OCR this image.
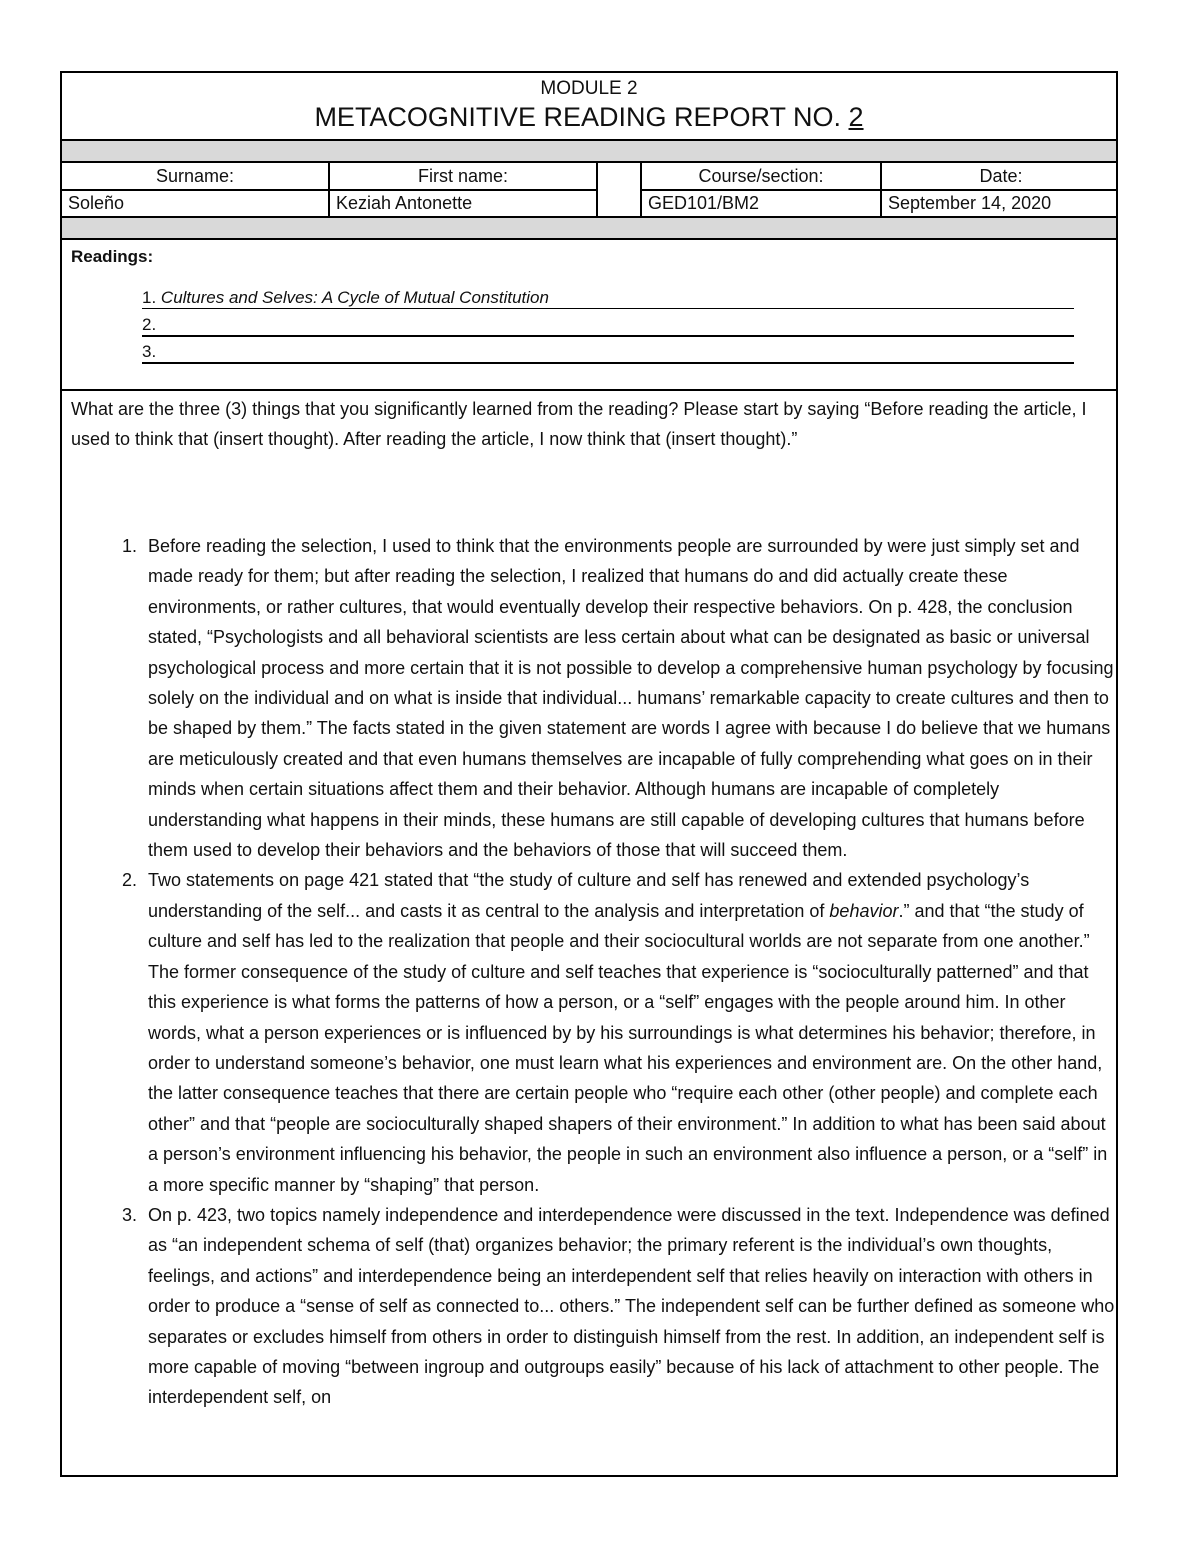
MODULE 2
METACOGNITIVE READING REPORT NO. 2
Surname:	First name:		Course/section:	Date:
Soleño	Keziah Antonette		GED101/BM2	September 14, 2020
Readings:
1. Cultures and Selves: A Cycle of Mutual Constitution
2.
3.
What are the three (3) things that you significantly learned from the reading? Please start by saying “Before reading the article, I used to think that (insert thought). After reading the article, I now think that (insert thought).”
1. Before reading the selection, I used to think that the environments people are surrounded by were just simply set and made ready for them; but after reading the selection, I realized that humans do and did actually create these environments, or rather cultures, that would eventually develop their respective behaviors. On p. 428, the conclusion stated, “Psychologists and all behavioral scientists are less certain about what can be designated as basic or universal psychological process and more certain that it is not possible to develop a comprehensive human psychology by focusing solely on the individual and on what is inside that individual... humans’ remarkable capacity to create cultures and then to be shaped by them.” The facts stated in the given statement are words I agree with because I do believe that we humans are meticulously created and that even humans themselves are incapable of fully comprehending what goes on in their minds when certain situations affect them and their behavior. Although humans are incapable of completely understanding what happens in their minds, these humans are still capable of developing cultures that humans before them used to develop their behaviors and the behaviors of those that will succeed them.
2. Two statements on page 421 stated that “the study of culture and self has renewed and extended psychology’s understanding of the self... and casts it as central to the analysis and interpretation of behavior.” and that “the study of culture and self has led to the realization that people and their sociocultural worlds are not separate from one another.” The former consequence of the study of culture and self teaches that experience is “socioculturally patterned” and that this experience is what forms the patterns of how a person, or a “self” engages with the people around him. In other words, what a person experiences or is influenced by by his surroundings is what determines his behavior; therefore, in order to understand someone’s behavior, one must learn what his experiences and environment are. On the other hand, the latter consequence teaches that there are certain people who “require each other (other people) and complete each other” and that “people are socioculturally shaped shapers of their environment.” In addition to what has been said about a person’s environment influencing his behavior, the people in such an environment also influence a person, or a “self” in a more specific manner by “shaping” that person.
3. On p. 423, two topics namely independence and interdependence were discussed in the text. Independence was defined as “an independent schema of self (that) organizes behavior; the primary referent is the individual’s own thoughts, feelings, and actions” and interdependence being an interdependent self that relies heavily on interaction with others in order to produce a “sense of self as connected to... others.” The independent self can be further defined as someone who separates or excludes himself from others in order to distinguish himself from the rest. In addition, an independent self is more capable of moving “between ingroup and outgroups easily” because of his lack of attachment to other people. The interdependent self, on
